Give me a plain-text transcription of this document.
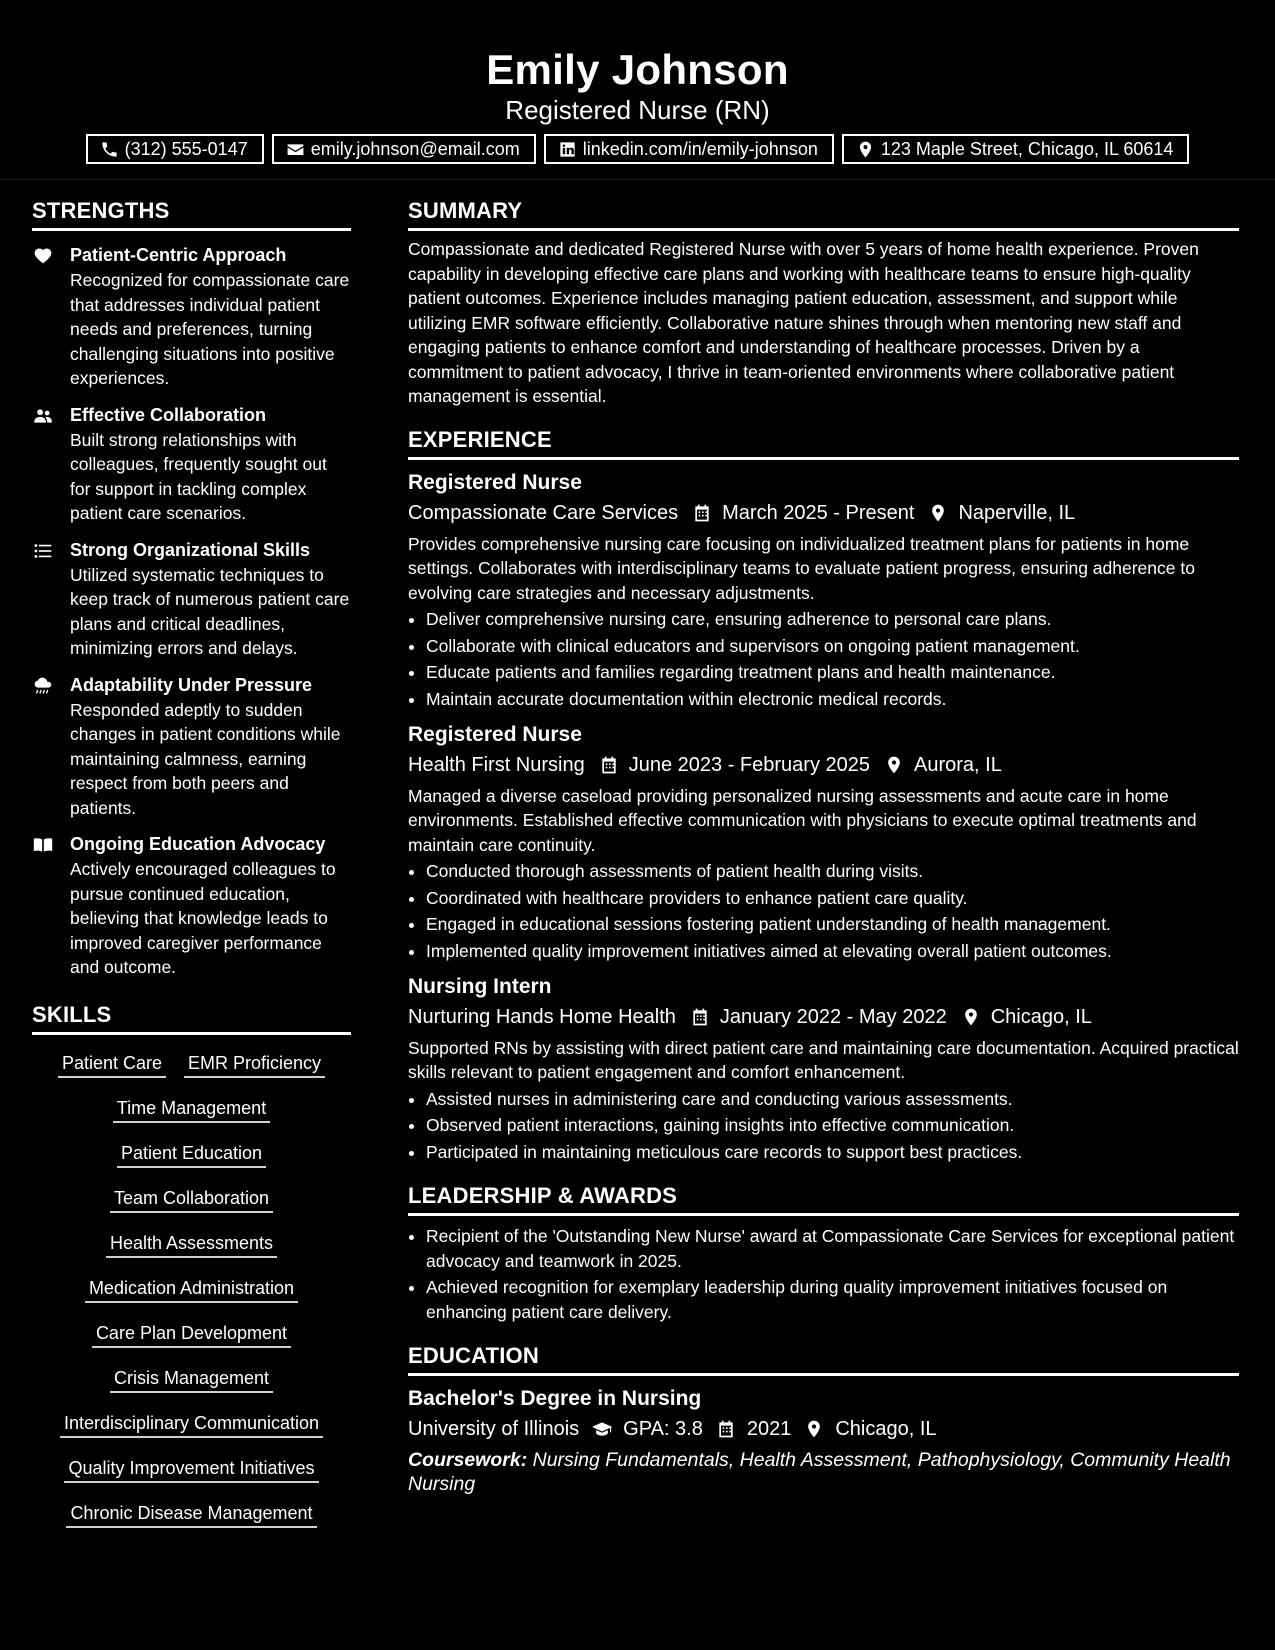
Emily Johnson
Registered Nurse (RN)
(312) 555-0147	emily.johnson@email.com	linkedin.com/in/emily-johnson	123 Maple Street, Chicago, IL 60614
STRENGTHS
Patient-Centric Approach
Recognized for compassionate care that addresses individual patient needs and preferences, turning challenging situations into positive experiences.
Effective Collaboration
Built strong relationships with colleagues, frequently sought out for support in tackling complex patient care scenarios.
Strong Organizational Skills
Utilized systematic techniques to keep track of numerous patient care plans and critical deadlines, minimizing errors and delays.
Adaptability Under Pressure
Responded adeptly to sudden changes in patient conditions while maintaining calmness, earning respect from both peers and patients.
Ongoing Education Advocacy
Actively encouraged colleagues to pursue continued education, believing that knowledge leads to improved caregiver performance and outcome.
SKILLS
Patient Care EMR Proficiency
Time Management
Patient Education
Team Collaboration
Health Assessments
Medication Administration
Care Plan Development
Crisis Management
Interdisciplinary Communication
Quality Improvement Initiatives
Chronic Disease Management
SUMMARY
Compassionate and dedicated Registered Nurse with over 5 years of home health experience. Proven capability in developing effective care plans and working with healthcare teams to ensure high-quality patient outcomes. Experience includes managing patient education, assessment, and support while utilizing EMR software efficiently. Collaborative nature shines through when mentoring new staff and engaging patients to enhance comfort and understanding of healthcare processes. Driven by a commitment to patient advocacy, I thrive in team-oriented environments where collaborative patient management is essential.
EXPERIENCE
Registered Nurse
Compassionate Care Services March 2025 - Present Naperville, IL
Provides comprehensive nursing care focusing on individualized treatment plans for patients in home settings. Collaborates with interdisciplinary teams to evaluate patient progress, ensuring adherence to evolving care strategies and necessary adjustments.
• Deliver comprehensive nursing care, ensuring adherence to personal care plans.
• Collaborate with clinical educators and supervisors on ongoing patient management.
• Educate patients and families regarding treatment plans and health maintenance.
• Maintain accurate documentation within electronic medical records.
Registered Nurse
Health First Nursing June 2023 - February 2025 Aurora, IL
Managed a diverse caseload providing personalized nursing assessments and acute care in home environments. Established effective communication with physicians to execute optimal treatments and maintain care continuity.
• Conducted thorough assessments of patient health during visits.
• Coordinated with healthcare providers to enhance patient care quality.
• Engaged in educational sessions fostering patient understanding of health management.
• Implemented quality improvement initiatives aimed at elevating overall patient outcomes.
Nursing Intern
Nurturing Hands Home Health January 2022 - May 2022 Chicago, IL
Supported RNs by assisting with direct patient care and maintaining care documentation. Acquired practical skills relevant to patient engagement and comfort enhancement.
• Assisted nurses in administering care and conducting various assessments.
• Observed patient interactions, gaining insights into effective communication.
• Participated in maintaining meticulous care records to support best practices.
LEADERSHIP & AWARDS
• Recipient of the 'Outstanding New Nurse' award at Compassionate Care Services for exceptional patient advocacy and teamwork in 2025.
• Achieved recognition for exemplary leadership during quality improvement initiatives focused on enhancing patient care delivery.
EDUCATION
Bachelor's Degree in Nursing
University of Illinois GPA: 3.8 2021 Chicago, IL
Coursework: Nursing Fundamentals, Health Assessment, Pathophysiology, Community Health Nursing
